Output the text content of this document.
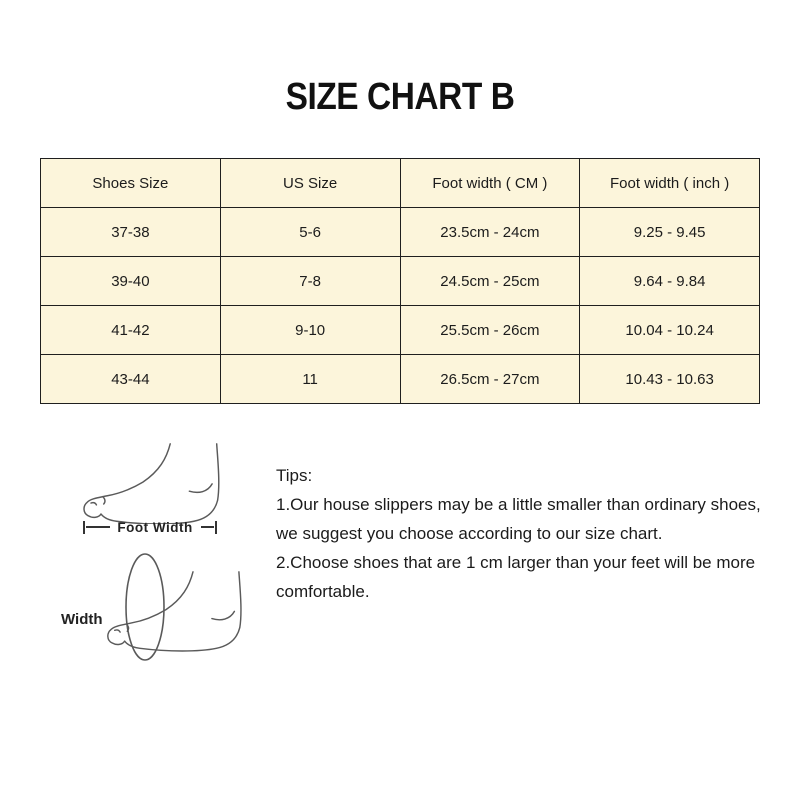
SIZE CHART B
Shoes Size	US Size	Foot width ( CM )	Foot width ( inch )
37-38	5-6	23.5cm - 24cm	9.25 - 9.45
39-40	7-8	24.5cm - 25cm	9.64 - 9.84
41-42	9-10	25.5cm - 26cm	10.04 - 10.24
43-44	11	26.5cm - 27cm	10.43 - 10.63
Foot Width
Width

Tips:

1.Our house slippers may be a little smaller than ordinary shoes, we suggest you choose according to our size chart.

2.Choose shoes that are 1 cm larger than your feet will be more comfortable.
